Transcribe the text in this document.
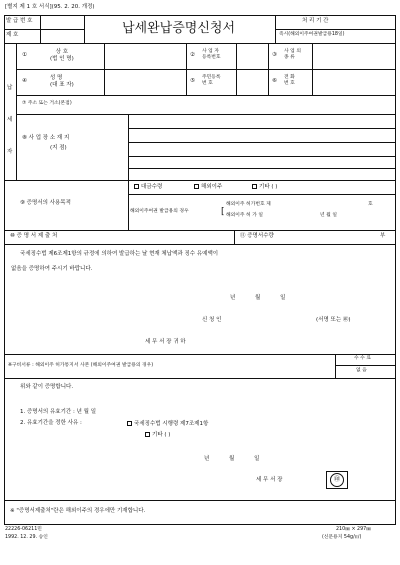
[별지 제 1 호 서식](95. 2. 20. 개정)
발 급 번 호
제 호	납세완납증명신청서	처 리 기 간
즉시(해외이주여권발급용18일)
납
세
자
①	상 호
(법 인 명)
②
사 업 자
등록번호	③
사 업 의
종 류
④	성 명
(대 표 자)
⑤
주민등록
번 호	⑥
전 화
번 호
⑦ 주소 또는 거소(본점)
⑧ 사 업 장 소 재 지
(지 점)
⑨ 증명서의 사용목적
대금수령	해외이주	기타 ( )
해외이주여권 발급용의 경우	[
해외이주 허가번호 제	호
해외이주 허 가 일	년 월 일
⑩ 증 명 서 제 출 처	⑪ 증명서수량	부
국세징수법 제6조제1항의 규정에 의하여 발급하는 날 현재 체납액과 징수 유예액이
없음을 증명하여 주시기 바랍니다.
년 월 일
신 청 인	(서명 또는 ㊞)
세 무 서 장 귀 하
※구비서류 : 해외이주 허가통지서 사본 (해외이주여권 발급용의 경우)
수 수 료
없 음
위와 같이 증명합니다.
1. 증명서의 유효기간 : 년 월 일
2. 유효기간을 정한 사유 :	국세징수법 시행령 제7조제1항
기타 ( )
년 월 일
세 무 서 장	㊞
※ "증명서제출처"란은 해외이주의 경우에만 기재합니다.
22226-06211민
1992. 12. 29. 승인
210㎜ × 297㎜
(신문용지 54g/㎡)
